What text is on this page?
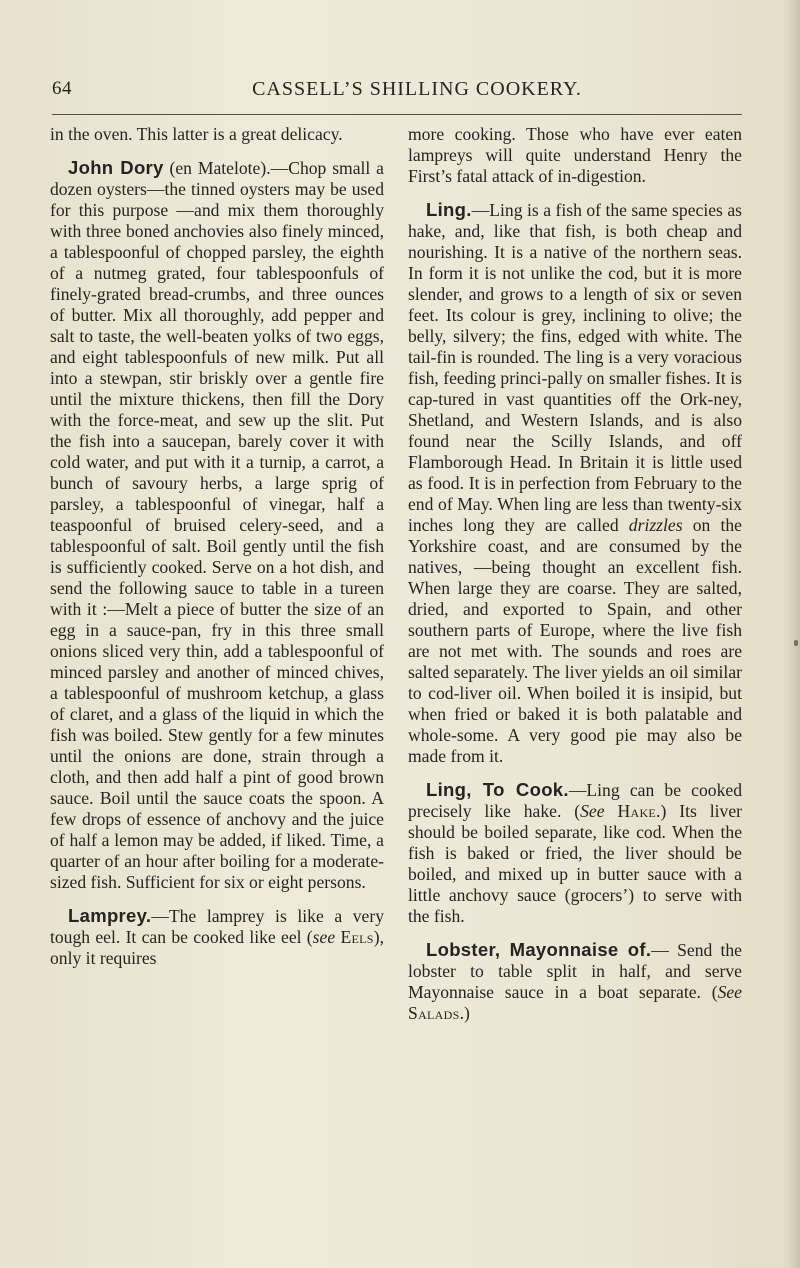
64	CASSELL’S SHILLING COOKERY.

in the oven. This latter is a great delicacy.

John Dory (en Matelote).—Chop small a dozen oysters—the tinned oysters may be used for this purpose —and mix them thoroughly with three boned anchovies also finely minced, a tablespoonful of chopped parsley, the eighth of a nutmeg grated, four tablespoonfuls of finely-grated bread-crumbs, and three ounces of butter. Mix all thoroughly, add pepper and salt to taste, the well-beaten yolks of two eggs, and eight tablespoonfuls of new milk. Put all into a stewpan, stir briskly over a gentle fire until the mixture thickens, then fill the Dory with the force-meat, and sew up the slit. Put the fish into a saucepan, barely cover it with cold water, and put with it a turnip, a carrot, a bunch of savoury herbs, a large sprig of parsley, a tablespoonful of vinegar, half a teaspoonful of bruised celery-seed, and a tablespoonful of salt. Boil gently until the fish is sufficiently cooked. Serve on a hot dish, and send the following sauce to table in a tureen with it :—Melt a piece of butter the size of an egg in a sauce-pan, fry in this three small onions sliced very thin, add a tablespoonful of minced parsley and another of minced chives, a tablespoonful of mushroom ketchup, a glass of claret, and a glass of the liquid in which the fish was boiled. Stew gently for a few minutes until the onions are done, strain through a cloth, and then add half a pint of good brown sauce. Boil until the sauce coats the spoon. A few drops of essence of anchovy and the juice of half a lemon may be added, if liked. Time, a quarter of an hour after boiling for a moderate-sized fish. Sufficient for six or eight persons.

Lamprey.—The lamprey is like a very tough eel. It can be cooked like eel (see Eels), only it requires

more cooking. Those who have ever eaten lampreys will quite understand Henry the First’s fatal attack of in-digestion.

Ling.—Ling is a fish of the same species as hake, and, like that fish, is both cheap and nourishing. It is a native of the northern seas. In form it is not unlike the cod, but it is more slender, and grows to a length of six or seven feet. Its colour is grey, inclining to olive; the belly, silvery; the fins, edged with white. The tail-fin is rounded. The ling is a very voracious fish, feeding princi-pally on smaller fishes. It is cap-tured in vast quantities off the Ork-ney, Shetland, and Western Islands, and is also found near the Scilly Islands, and off Flamborough Head. In Britain it is little used as food. It is in perfection from February to the end of May. When ling are less than twenty-six inches long they are called drizzles on the Yorkshire coast, and are consumed by the natives, —being thought an excellent fish. When large they are coarse. They are salted, dried, and exported to Spain, and other southern parts of Europe, where the live fish are not met with. The sounds and roes are salted separately. The liver yields an oil similar to cod-liver oil. When boiled it is insipid, but when fried or baked it is both palatable and whole-some. A very good pie may also be made from it.

Ling, To Cook.—Ling can be cooked precisely like hake. (See Hake.) Its liver should be boiled separate, like cod. When the fish is baked or fried, the liver should be boiled, and mixed up in butter sauce with a little anchovy sauce (grocers’) to serve with the fish.

Lobster, Mayonnaise of.— Send the lobster to table split in half, and serve Mayonnaise sauce in a boat separate. (See Salads.)
